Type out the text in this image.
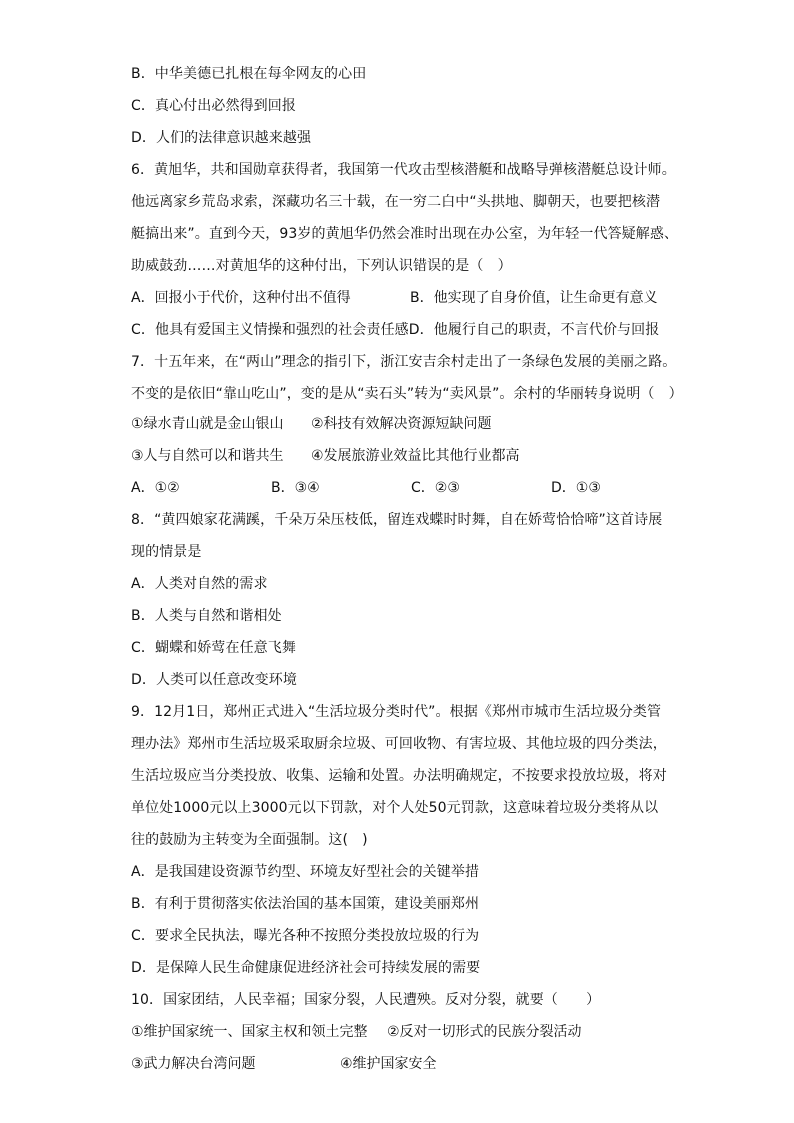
B．中华美德已扎根在每伞网友的心田
C．真心付出必然得到回报
D．人们的法律意识越来越强
6．黄旭华，共和国勋章获得者，我国第一代攻击型核潜艇和战略导弹核潜艇总设计师。
他远离家乡荒岛求索，深藏功名三十载，在一穷二白中“头拱地、脚朝天，也要把核潜
艇搞出来”。直到今天，93岁的黄旭华仍然会准时出现在办公室，为年轻一代答疑解惑、
助威鼓劲……对黄旭华的这种付出，下列认识错误的是（　）
A．回报小于代价，这种付出不值得	B．他实现了自身价值，让生命更有意义
C．他具有爱国主义情操和强烈的社会责任感D．他履行自己的职责，不言代价与回报
7．十五年来，在“两山”理念的指引下，浙江安吉余村走出了一条绿色发展的美丽之路。
不变的是依旧“靠山吃山”，变的是从“卖石头”转为“卖风景”。余村的华丽转身说明（　）
①绿水青山就是金山银山 ②科技有效解决资源短缺问题
③人与自然可以和谐共生 ④发展旅游业效益比其他行业都高
A．①②	B．③④	C．②③	D．①③
8．“黄四娘家花满蹊，千朵万朵压枝低，留连戏蝶时时舞，自在娇莺恰恰啼”这首诗展
现的情景是
A．人类对自然的需求
B．人类与自然和谐相处
C．蝴蝶和娇莺在任意飞舞
D．人类可以任意改变环境
9．12月1日，郑州正式进入“生活垃圾分类时代”。根据《郑州市城市生活垃圾分类管
理办法》郑州市生活垃圾采取厨余垃圾、可回收物、有害垃圾、其他垃圾的四分类法，
生活垃圾应当分类投放、收集、运输和处置。办法明确规定，不按要求投放垃圾，将对
单位处1000元以上3000元以下罚款，对个人处50元罚款，这意味着垃圾分类将从以
往的鼓励为主转变为全面强制。这(　)
A．是我国建设资源节约型、环境友好型社会的关键举措
B．有利于贯彻落实依法治国的基本国策，建设美丽郑州
C．要求全民执法，曝光各种不按照分类投放垃圾的行为
D．是保障人民生命健康促进经济社会可持续发展的需要
10．国家团结，人民幸福；国家分裂，人民遭殃。反对分裂，就要（　　）
①维护国家统一、国家主权和领土完整 ②反对一切形式的民族分裂活动
③武力解决台湾问题	④维护国家安全
